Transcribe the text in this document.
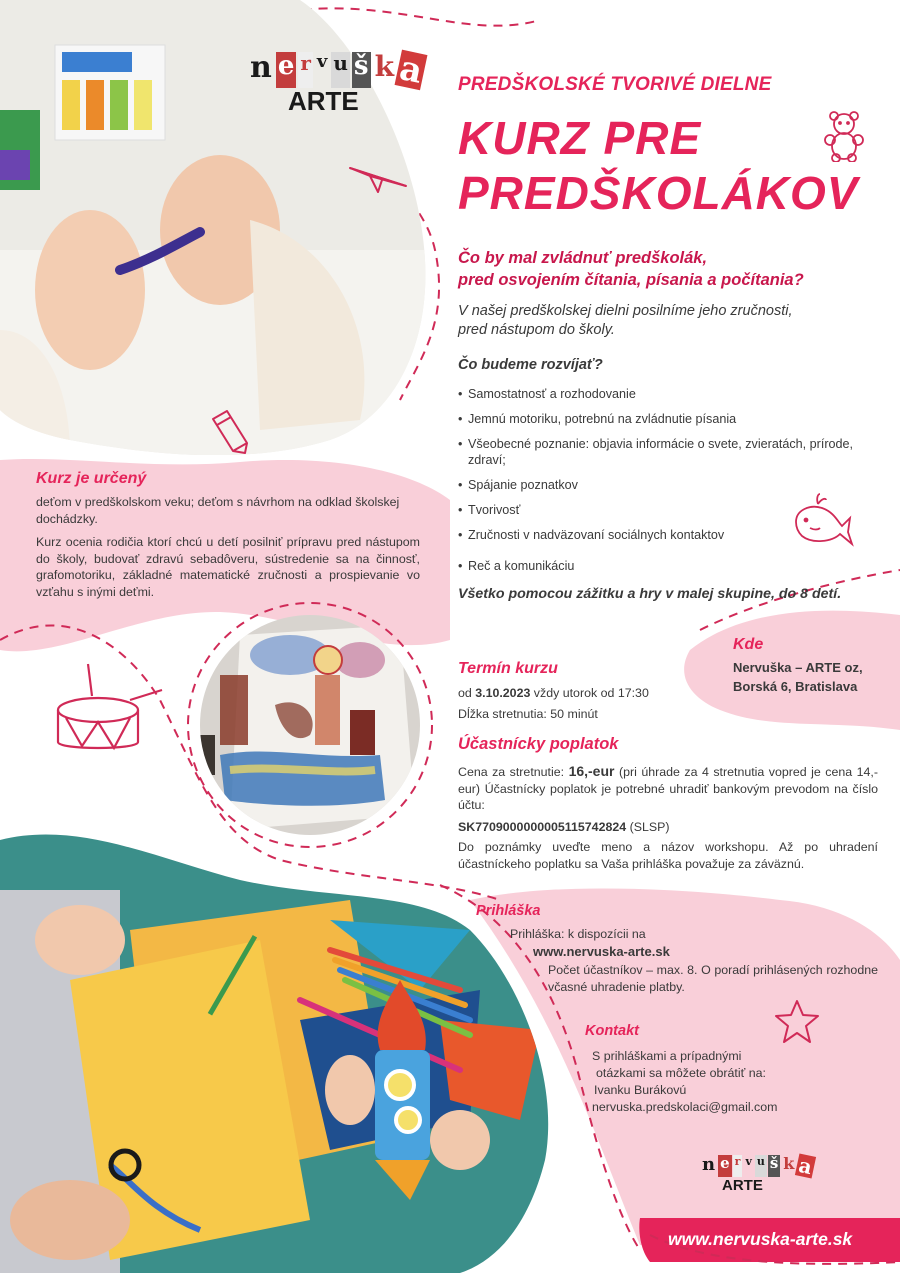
n e r v u š k a
ARTE
PREDŠKOLSKÉ TVORIVÉ DIELNE
KURZ PRE
PREDŠKOLÁKOV
Čo by mal zvládnuť predškolák,
pred osvojením čítania, písania a počítania?
V našej predškolskej dielni posilníme jeho zručnosti,
pred nástupom do školy.
Čo budeme rozvíjať?
• Samostatnosť a rozhodovanie
• Jemnú motoriku, potrebnú na zvládnutie písania
• Všeobecné poznanie: objavia informácie o svete, zvieratách, prírode, zdraví;
• Spájanie poznatkov
• Tvorivosť
• Zručnosti v nadväzovaní sociálnych kontaktov
• Reč a komunikáciu
Všetko pomocou zážitku a hry v malej skupine, do 8 detí.
Kurz je určený
deťom v predškolskom veku; deťom s návrhom na odklad školskej dochádzky.
Kurz ocenia rodičia ktorí chcú u detí posilniť prípravu pred nástupom do školy, budovať zdravú sebadôveru, sústredenie sa na činnosť, grafomotoriku, základné matematické zručnosti a prospievanie vo vzťahu s inými deťmi.
Kde
Nervuška – ARTE oz,
Borská 6, Bratislava
Termín kurzu
od 3.10.2023 vždy utorok od 17:30
Dĺžka stretnutia: 50 minút
Účastnícky poplatok
Cena za stretnutie: 16,-eur (pri úhrade za 4 stretnutia vopred je cena 14,-eur) Účastnícky poplatok je potrebné uhradiť bankovým prevodom na číslo účtu:
SK7709000000005115742824 (SLSP)
Do poznámky uveďte meno a názov workshopu. Až po uhradení účastníckeho poplatku sa Vaša prihláška považuje za záväznú.
Prihláška
Prihláška: k dispozícii na
www.nervuska-arte.sk
Počet účastníkov – max. 8. O poradí prihlásených rozhodne včasné uhradenie platby.
Kontakt
S prihláškami a prípadnými
otázkami sa môžete obrátiť na:
Ivanku Burákovú
nervuska.predskolaci@gmail.com
n e r v u š k a
ARTE
www.nervuska-arte.sk
